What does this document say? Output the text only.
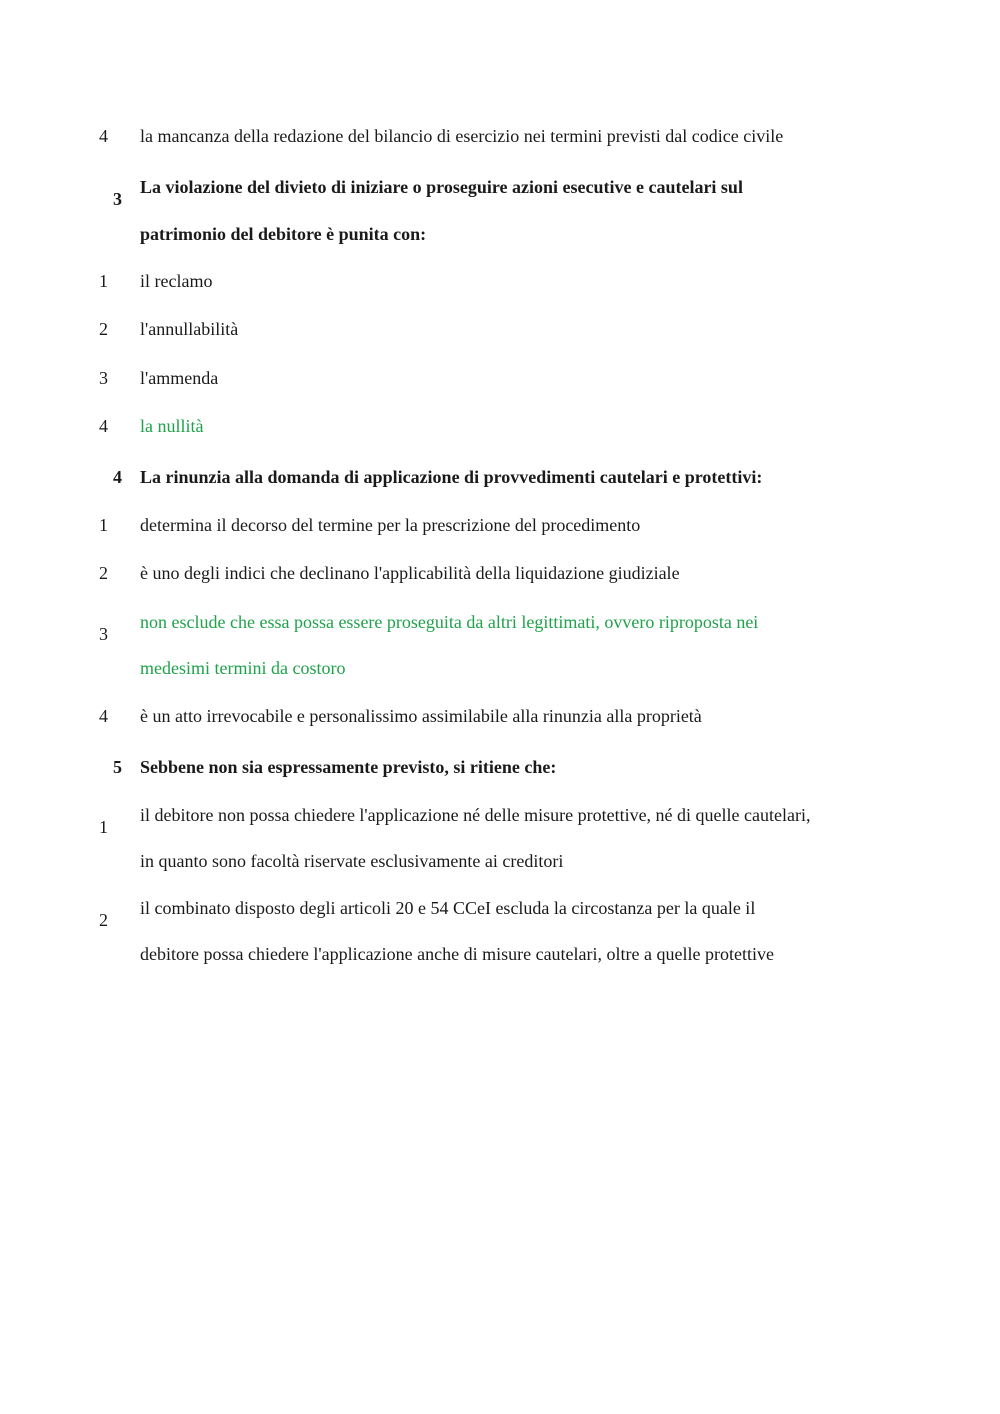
4 la mancanza della redazione del bilancio di esercizio nei termini previsti dal codice civile
3
La violazione del divieto di iniziare o proseguire azioni esecutive e cautelari sul
patrimonio del debitore è punita con:
1 il reclamo
2 l'annullabilità
3 l'ammenda
4 la nullità
4 La rinunzia alla domanda di applicazione di provvedimenti cautelari e protettivi:
1 determina il decorso del termine per la prescrizione del procedimento
2 è uno degli indici che declinano l'applicabilità della liquidazione giudiziale
3
non esclude che essa possa essere proseguita da altri legittimati, ovvero riproposta nei
medesimi termini da costoro
4 è un atto irrevocabile e personalissimo assimilabile alla rinunzia alla proprietà
5 Sebbene non sia espressamente previsto, si ritiene che:
1
il debitore non possa chiedere l'applicazione né delle misure protettive, né di quelle cautelari,
in quanto sono facoltà riservate esclusivamente ai creditori
2
il combinato disposto degli articoli 20 e 54 CCeI escluda la circostanza per la quale il
debitore possa chiedere l'applicazione anche di misure cautelari, oltre a quelle protettive
